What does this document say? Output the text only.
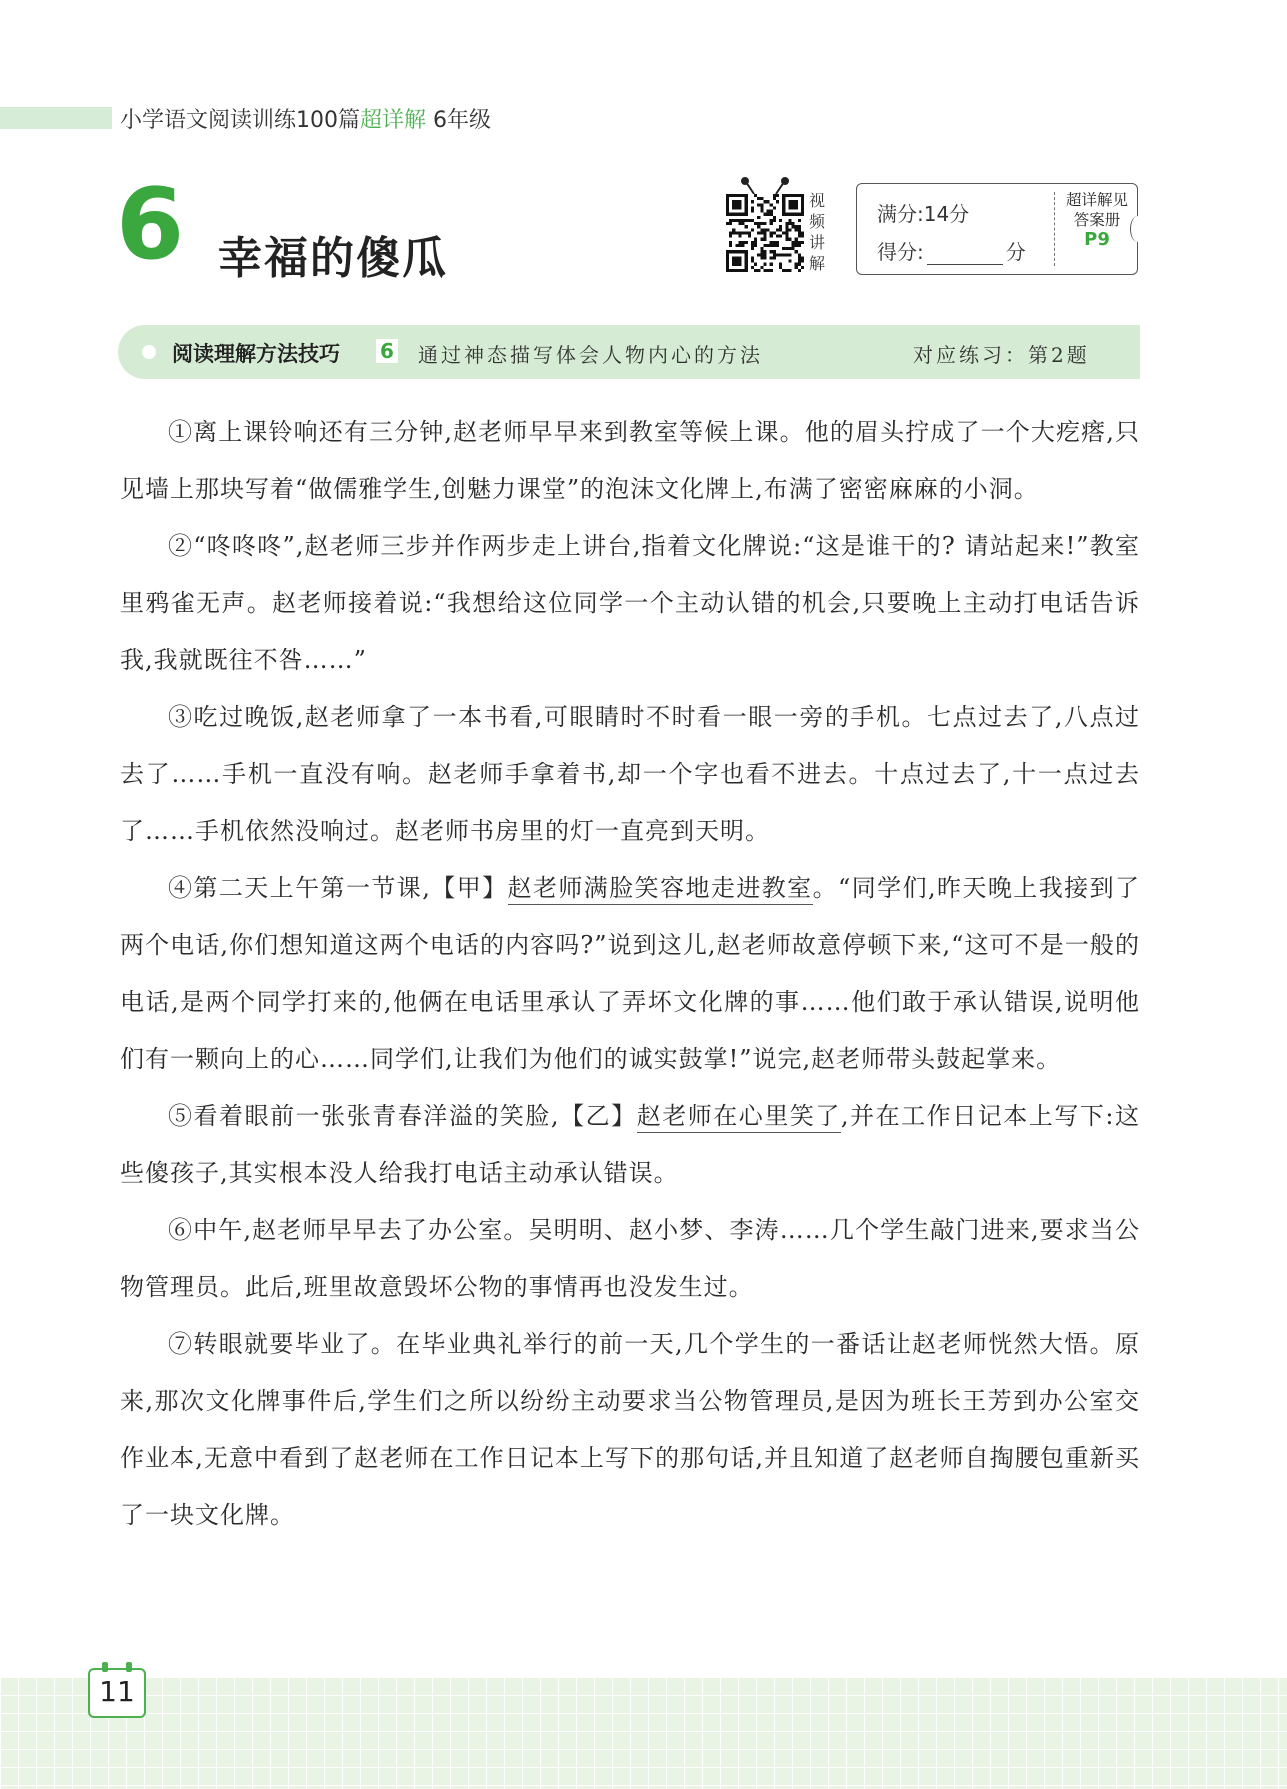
小学语文阅读训练100篇超详解 6年级
6 幸福的傻瓜
视
频
讲
解
满分:14分
得分:	分
超详解见
答案册
P9
阅读理解方法技巧 6 通过神态描写体会人物内心的方法	对应练习：第2题

①离上课铃响还有三分钟,赵老师早早来到教室等候上课。他的眉头拧成了一个大疙瘩,只见墙上那块写着“做儒雅学生,创魅力课堂”的泡沫文化牌上,布满了密密麻麻的小洞。

②“咚咚咚”,赵老师三步并作两步走上讲台,指着文化牌说:“这是谁干的? 请站起来!”教室里鸦雀无声。赵老师接着说:“我想给这位同学一个主动认错的机会,只要晚上主动打电话告诉我,我就既往不咎……”

③吃过晚饭,赵老师拿了一本书看,可眼睛时不时看一眼一旁的手机。七点过去了,八点过去了……手机一直没有响。赵老师手拿着书,却一个字也看不进去。十点过去了,十一点过去了……手机依然没响过。赵老师书房里的灯一直亮到天明。

④第二天上午第一节课,【甲】赵老师满脸笑容地走进教室。“同学们,昨天晚上我接到了两个电话,你们想知道这两个电话的内容吗?”说到这儿,赵老师故意停顿下来,“这可不是一般的电话,是两个同学打来的,他俩在电话里承认了弄坏文化牌的事……他们敢于承认错误,说明他们有一颗向上的心……同学们,让我们为他们的诚实鼓掌!”说完,赵老师带头鼓起掌来。

⑤看着眼前一张张青春洋溢的笑脸,【乙】赵老师在心里笑了,并在工作日记本上写下:这些傻孩子,其实根本没人给我打电话主动承认错误。

⑥中午,赵老师早早去了办公室。吴明明、赵小梦、李涛……几个学生敲门进来,要求当公物管理员。此后,班里故意毁坏公物的事情再也没发生过。

⑦转眼就要毕业了。在毕业典礼举行的前一天,几个学生的一番话让赵老师恍然大悟。原来,那次文化牌事件后,学生们之所以纷纷主动要求当公物管理员,是因为班长王芳到办公室交作业本,无意中看到了赵老师在工作日记本上写下的那句话,并且知道了赵老师自掏腰包重新买了一块文化牌。

11
